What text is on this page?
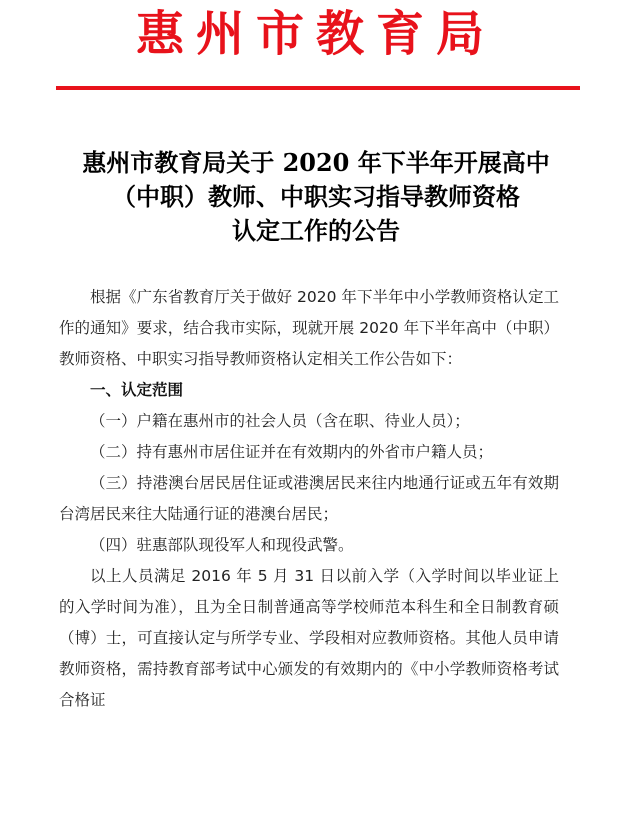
惠州市教育局
惠州市教育局关于 2020 年下半年开展高中
（中职）教师、中职实习指导教师资格
认定工作的公告

根据《广东省教育厅关于做好 2020 年下半年中小学教师资格认定工作的通知》要求，结合我市实际，现就开展 2020 年下半年高中（中职）教师资格、中职实习指导教师资格认定相关工作公告如下：

一、认定范围

（一）户籍在惠州市的社会人员（含在职、待业人员）；

（二）持有惠州市居住证并在有效期内的外省市户籍人员；

（三）持港澳台居民居住证或港澳居民来往内地通行证或五年有效期台湾居民来往大陆通行证的港澳台居民；

（四）驻惠部队现役军人和现役武警。

以上人员满足 2016 年 5 月 31 日以前入学（入学时间以毕业证上的入学时间为准），且为全日制普通高等学校师范本科生和全日制教育硕（博）士，可直接认定与所学专业、学段相对应教师资格。其他人员申请教师资格，需持教育部考试中心颁发的有效期内的《中小学教师资格考试合格证
